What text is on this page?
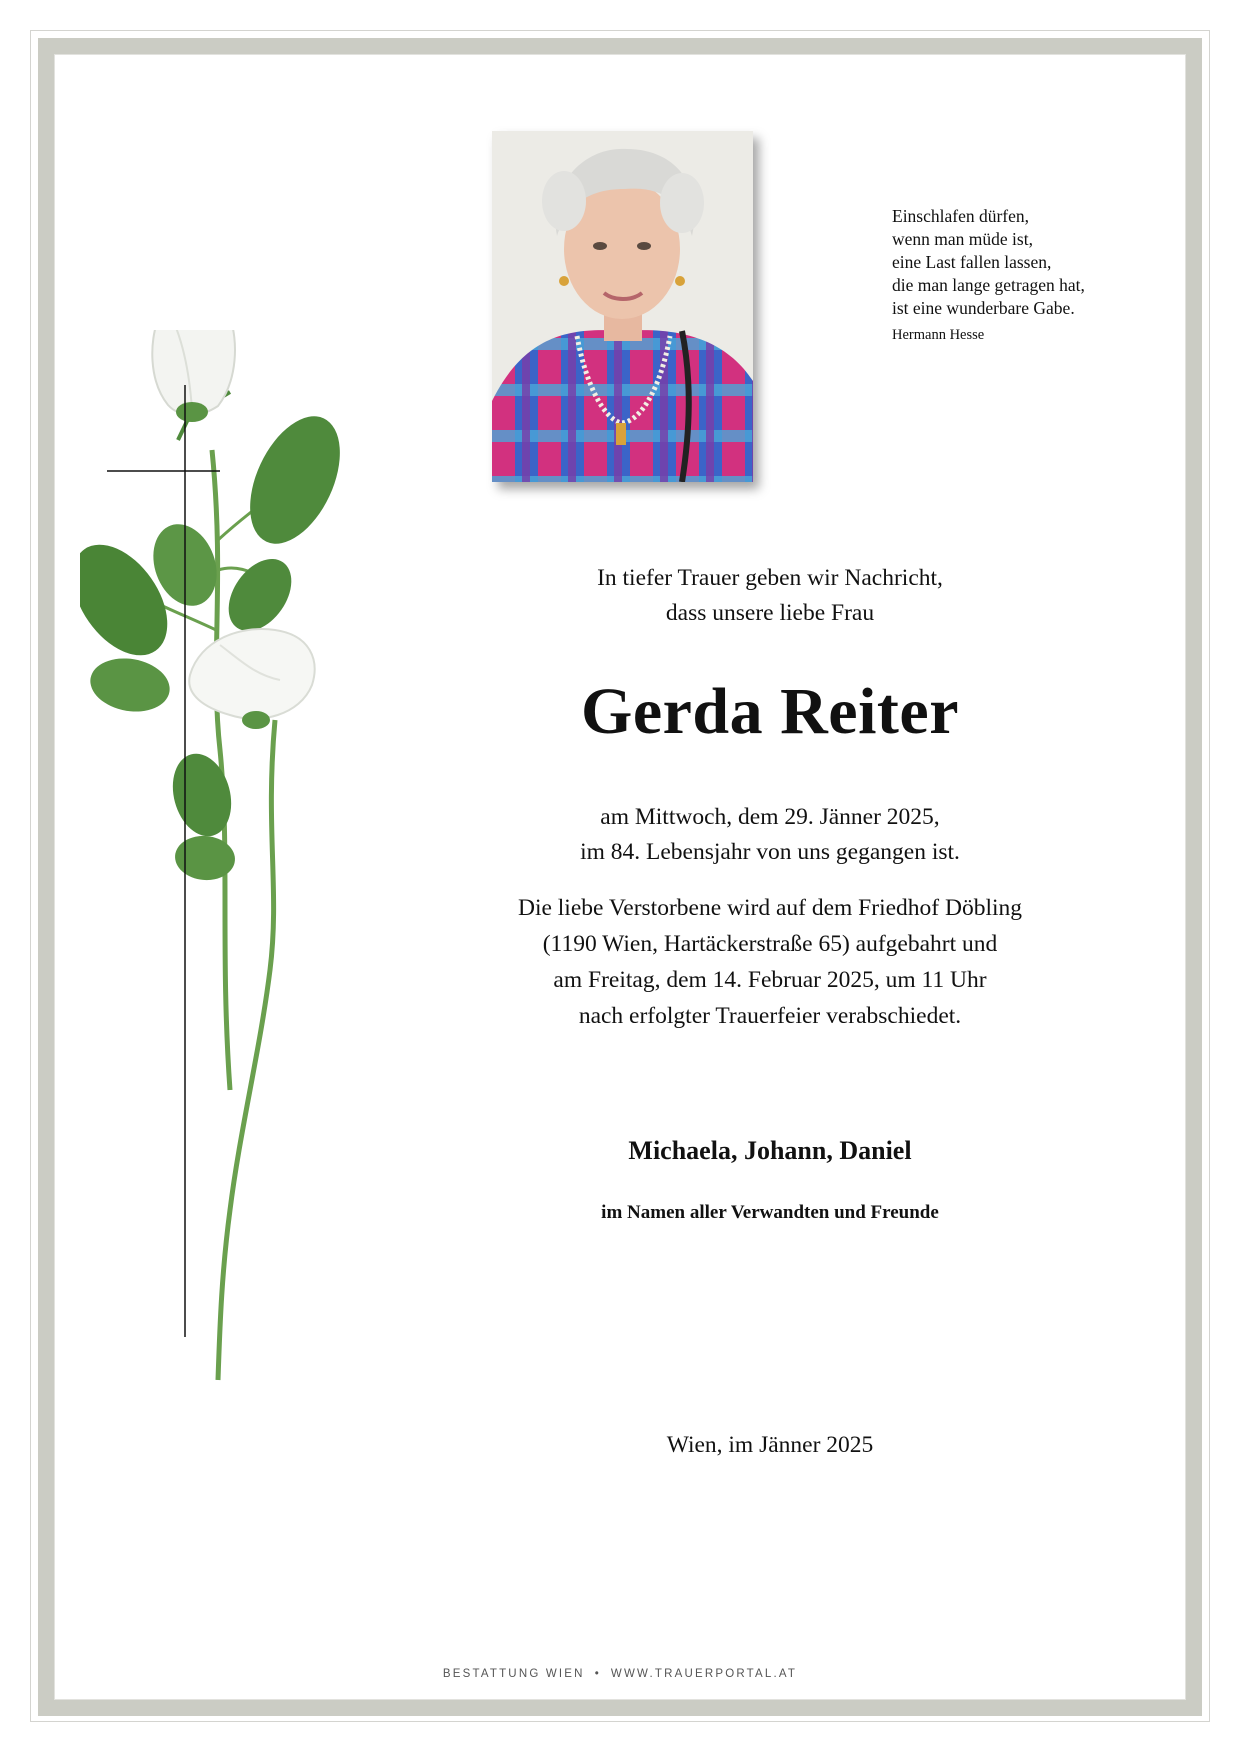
Einschlafen dürfen,
wenn man müde ist,
eine Last fallen lassen,
die man lange getragen hat,
ist eine wunderbare Gabe.
Hermann Hesse
In tiefer Trauer geben wir Nachricht,
dass unsere liebe Frau
Gerda Reiter
am Mittwoch, dem 29. Jänner 2025,
im 84. Lebensjahr von uns gegangen ist.
Die liebe Verstorbene wird auf dem Friedhof Döbling
(1190 Wien, Hartäckerstraße 65) aufgebahrt und
am Freitag, dem 14. Februar 2025, um 11 Uhr
nach erfolgter Trauerfeier verabschiedet.
Michaela, Johann, Daniel
im Namen aller Verwandten und Freunde
Wien, im Jänner 2025
BESTATTUNG WIEN • WWW.TRAUERPORTAL.AT
